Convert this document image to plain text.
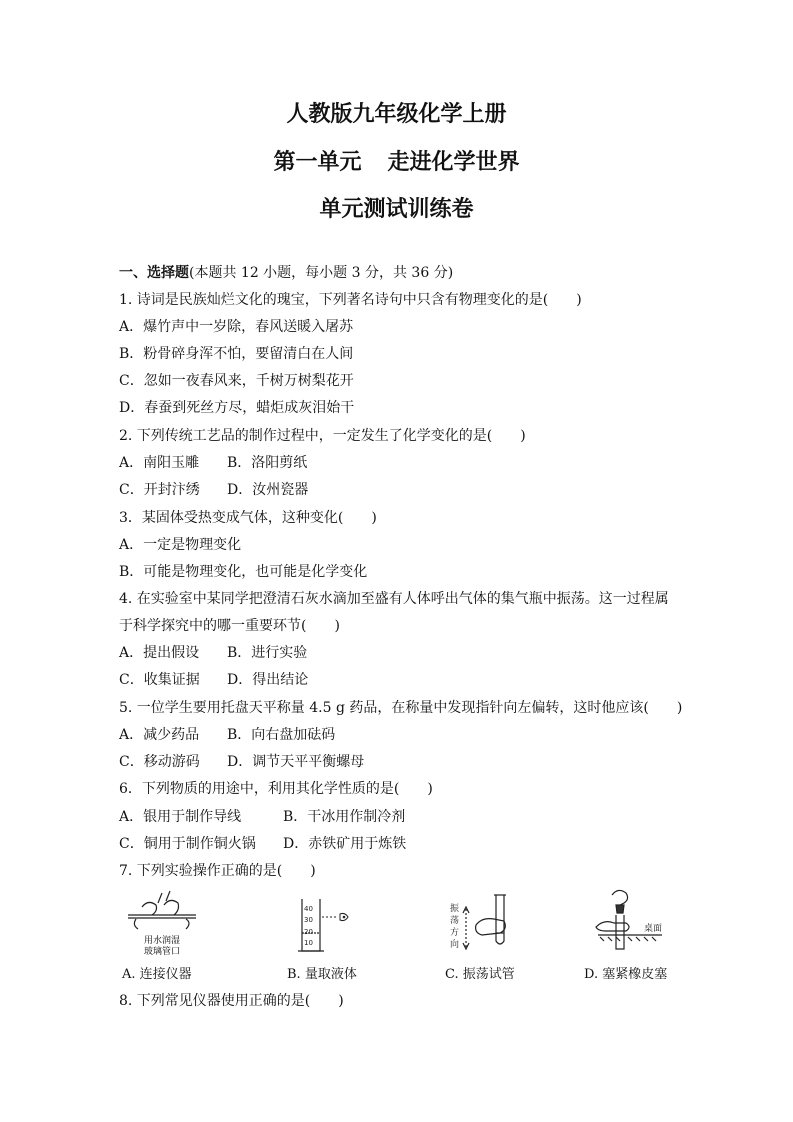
人教版九年级化学上册
第一单元 走进化学世界
单元测试训练卷
一、选择题(本题共 12 小题，每小题 3 分，共 36 分)
1. 诗词是民族灿烂文化的瑰宝，下列著名诗句中只含有物理变化的是(　　)
A．爆竹声中一岁除，春风送暖入屠苏
B．粉骨碎身浑不怕，要留清白在人间
C．忽如一夜春风来，千树万树梨花开
D．春蚕到死丝方尽，蜡炬成灰泪始干
2. 下列传统工艺品的制作过程中，一定发生了化学变化的是(　　)
A．南阳玉雕 B．洛阳剪纸
C．开封汴绣 D．汝州瓷器
3．某固体受热变成气体，这种变化(　　)
A．一定是物理变化
B．可能是物理变化，也可能是化学变化
4. 在实验室中某同学把澄清石灰水滴加至盛有人体呼出气体的集气瓶中振荡。这一过程属
于科学探究中的哪一重要环节(　　)
A．提出假设 B．进行实验
C．收集证据 D．得出结论
5. 一位学生要用托盘天平称量 4.5 g 药品，在称量中发现指针向左偏转，这时他应该(　　)
A．减少药品 B．向右盘加砝码
C．移动游码 D．调节天平平衡螺母
6．下列物质的用途中，利用其化学性质的是(　　)
A．银用于制作导线	B．干冰用作制冷剂
C．铜用于制作铜火锅 D．赤铁矿用于炼铁
7. 下列实验操作正确的是(　　)
用水润湿
玻璃管口
A. 连接仪器
40
30
20
10
B. 量取液体
振
荡
方
向
C. 振荡试管
桌面
D. 塞紧橡皮塞
8. 下列常见仪器使用正确的是(　　)
